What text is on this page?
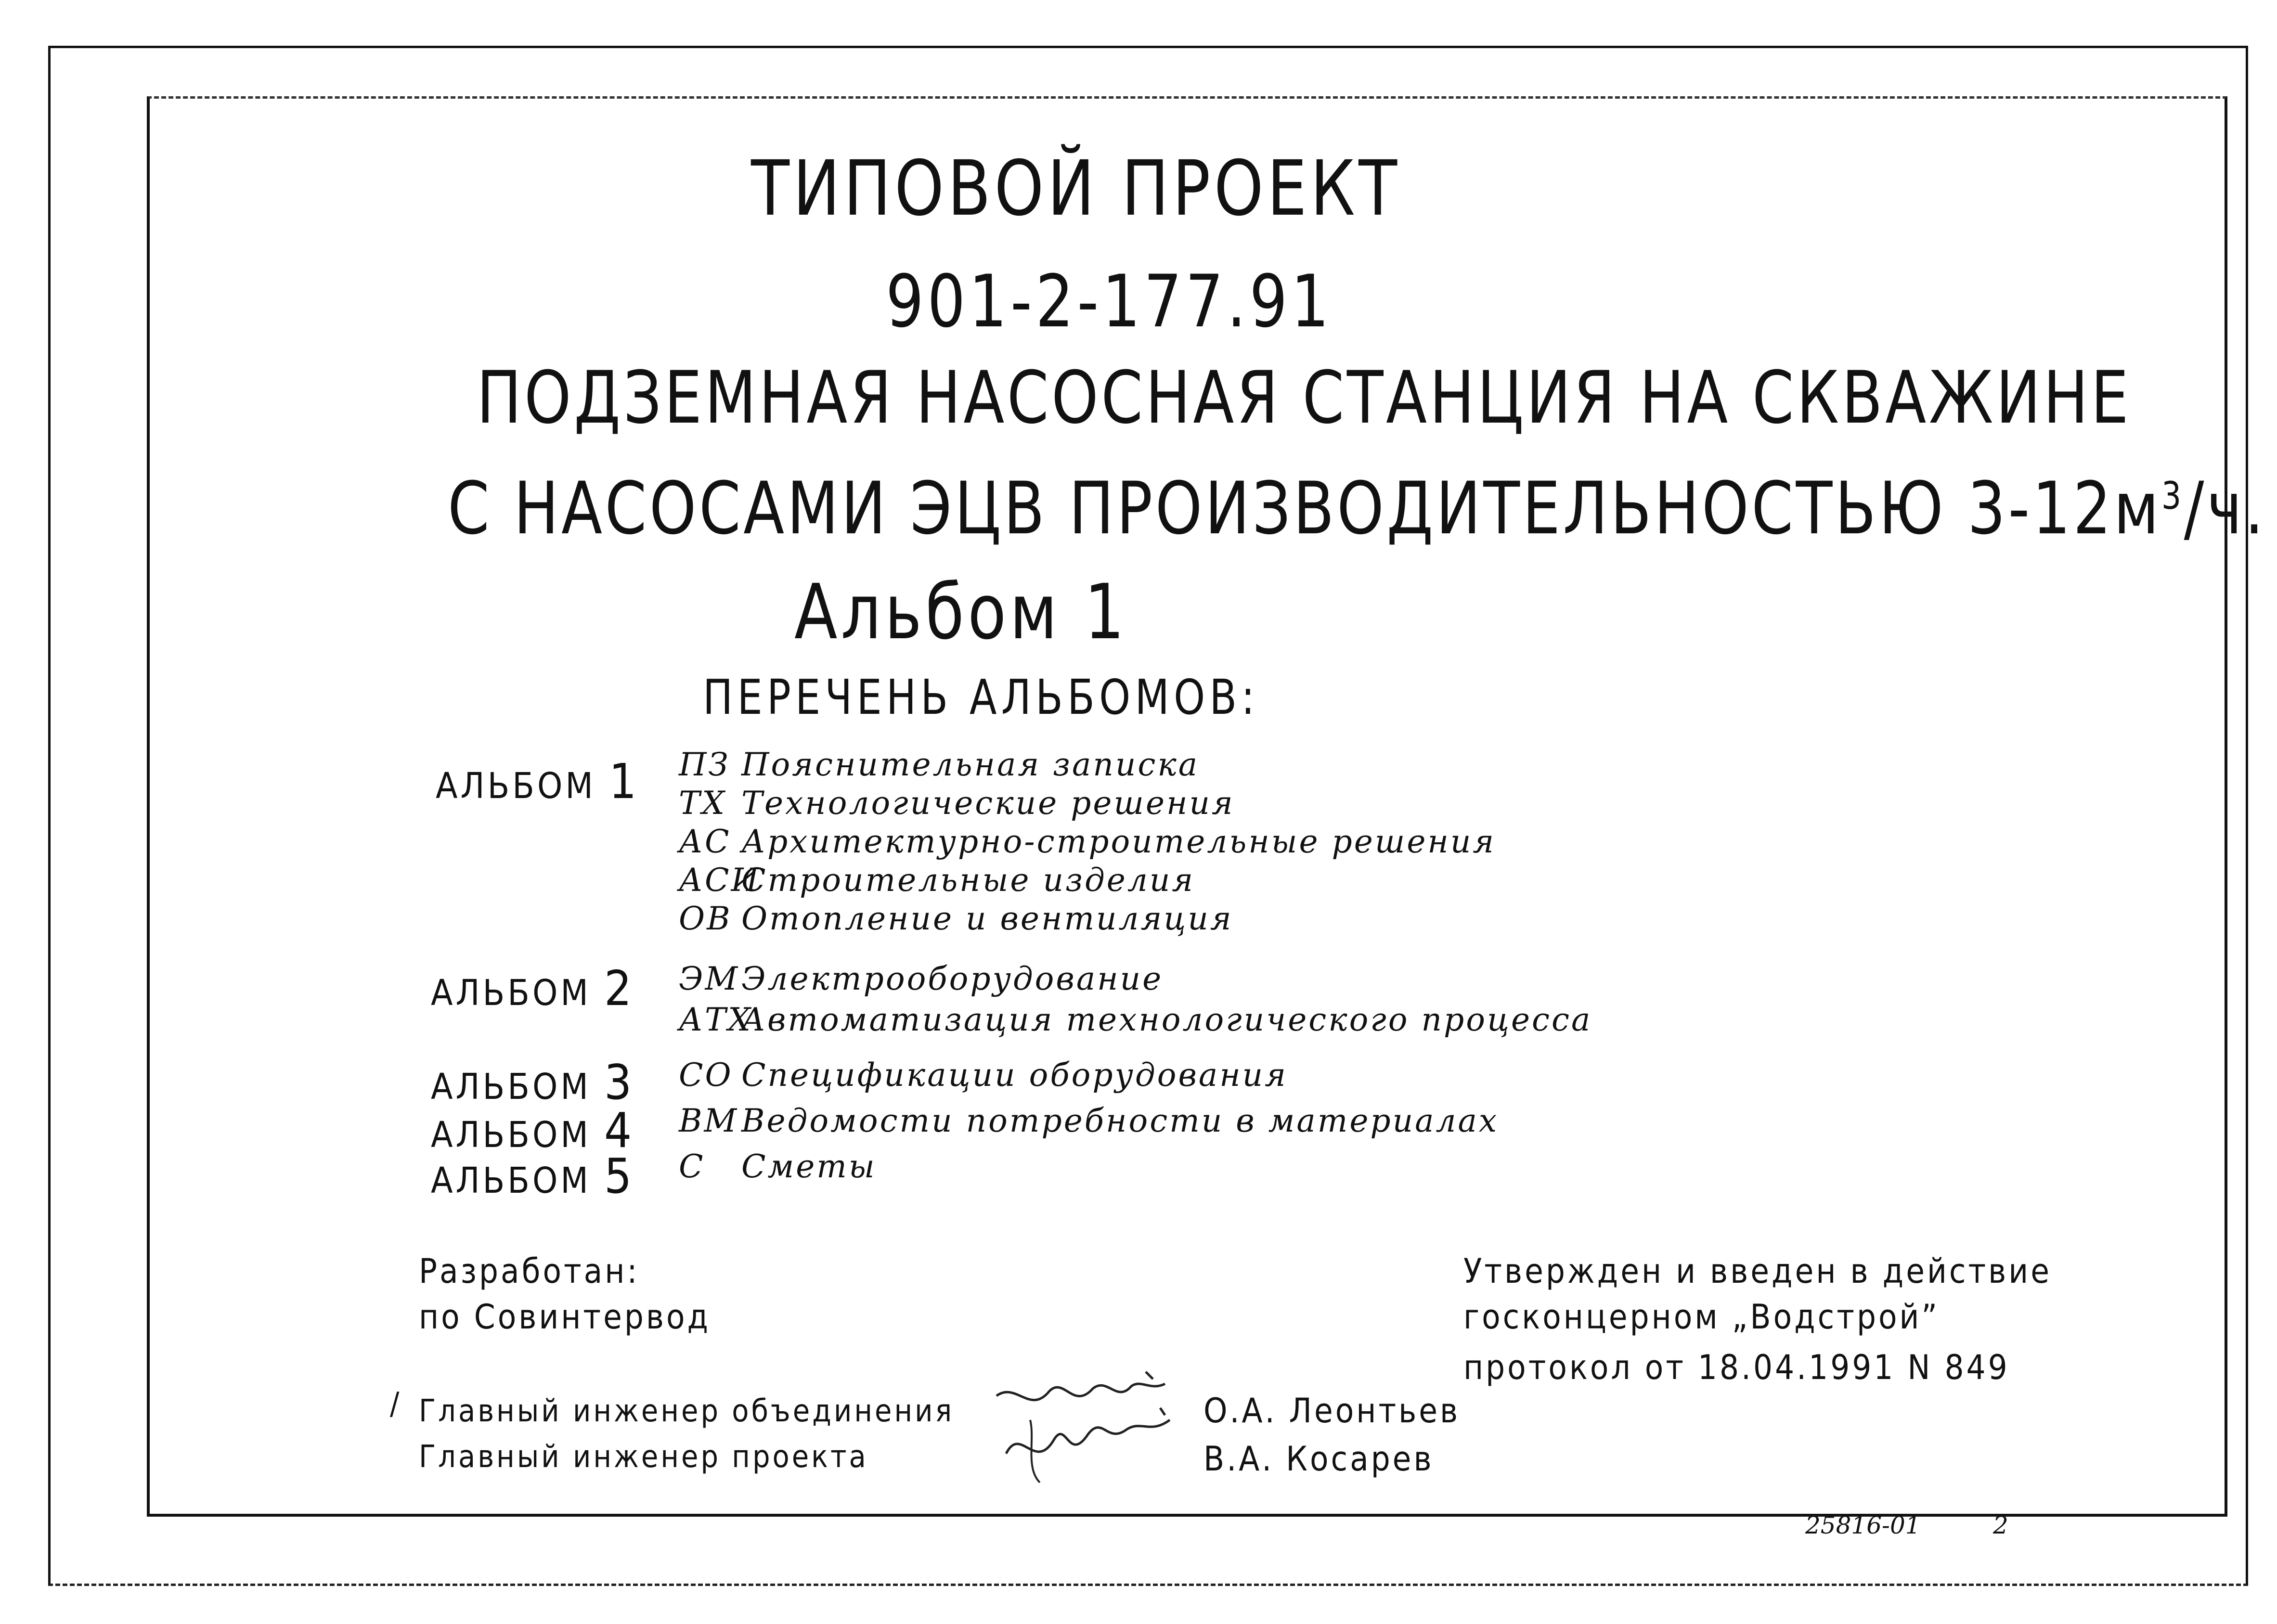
ТИПОВОЙ ПРОЕКТ
901-2-177.91
ПОДЗЕМНАЯ НАСОСНАЯ СТАНЦИЯ НА СКВАЖИНЕ
С НАСОСАМИ ЭЦВ ПРОИЗВОДИТЕЛЬНОСТЬЮ $3-12м^3/ч$.
Альбом 1
ПЕРЕЧЕНЬ АЛЬБОМОВ:
АЛЬБОМ 1 ПЗ Пояснительная записка
ТХ Технологические решения
АС Архитектурно-строительные решения
АСИСтроительные изделия
ОВ Отопление и вентиляция
АЛЬБОМ 2 ЭМЭлектрооборудование
АТХАвтоматизация технологического процесса
АЛЬБОМ 3 СО Спецификации оборудования
АЛЬБОМ 4 ВМВедомости потребности в материалах
АЛЬБОМ 5 С Сметы
Разработан:
по Совинтервод
Утвержден и введен в действие
госконцерном „Водстрой”
протокол от 18.04.1991 N 849
/ Главный инженер объединения
Главный инженер проекта
О.А. Леонтьев
В.А. Косарев
25816-01	2
